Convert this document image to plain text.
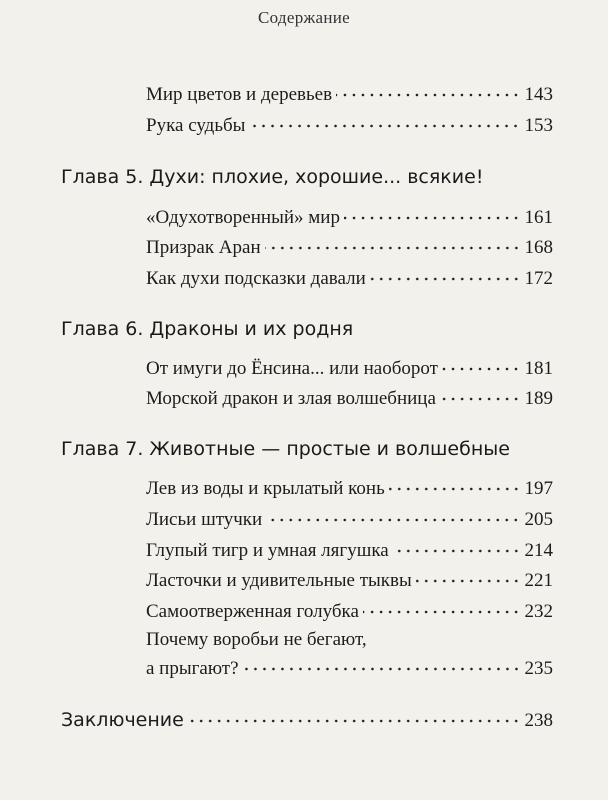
Содержание
Мир цветов и деревьев	143
Рука судьбы	153
Глава 5. Духи: плохие, хорошие... всякие!
«Одухотворенный» мир	161
Призрак Аран	168
Как духи подсказки давали	172
Глава 6. Драконы и их родня
От имуги до Ёнсина... или наоборот	181
Морской дракон и злая волшебница	189
Глава 7. Животные — простые и волшебные
Лев из воды и крылатый конь	197
Лисьи штучки	205
Глупый тигр и умная лягушка	214
Ласточки и удивительные тыквы	221
Самоотверженная голубка	232
Почему воробьи не бегают,
а прыгают?	235
Заключение	238
